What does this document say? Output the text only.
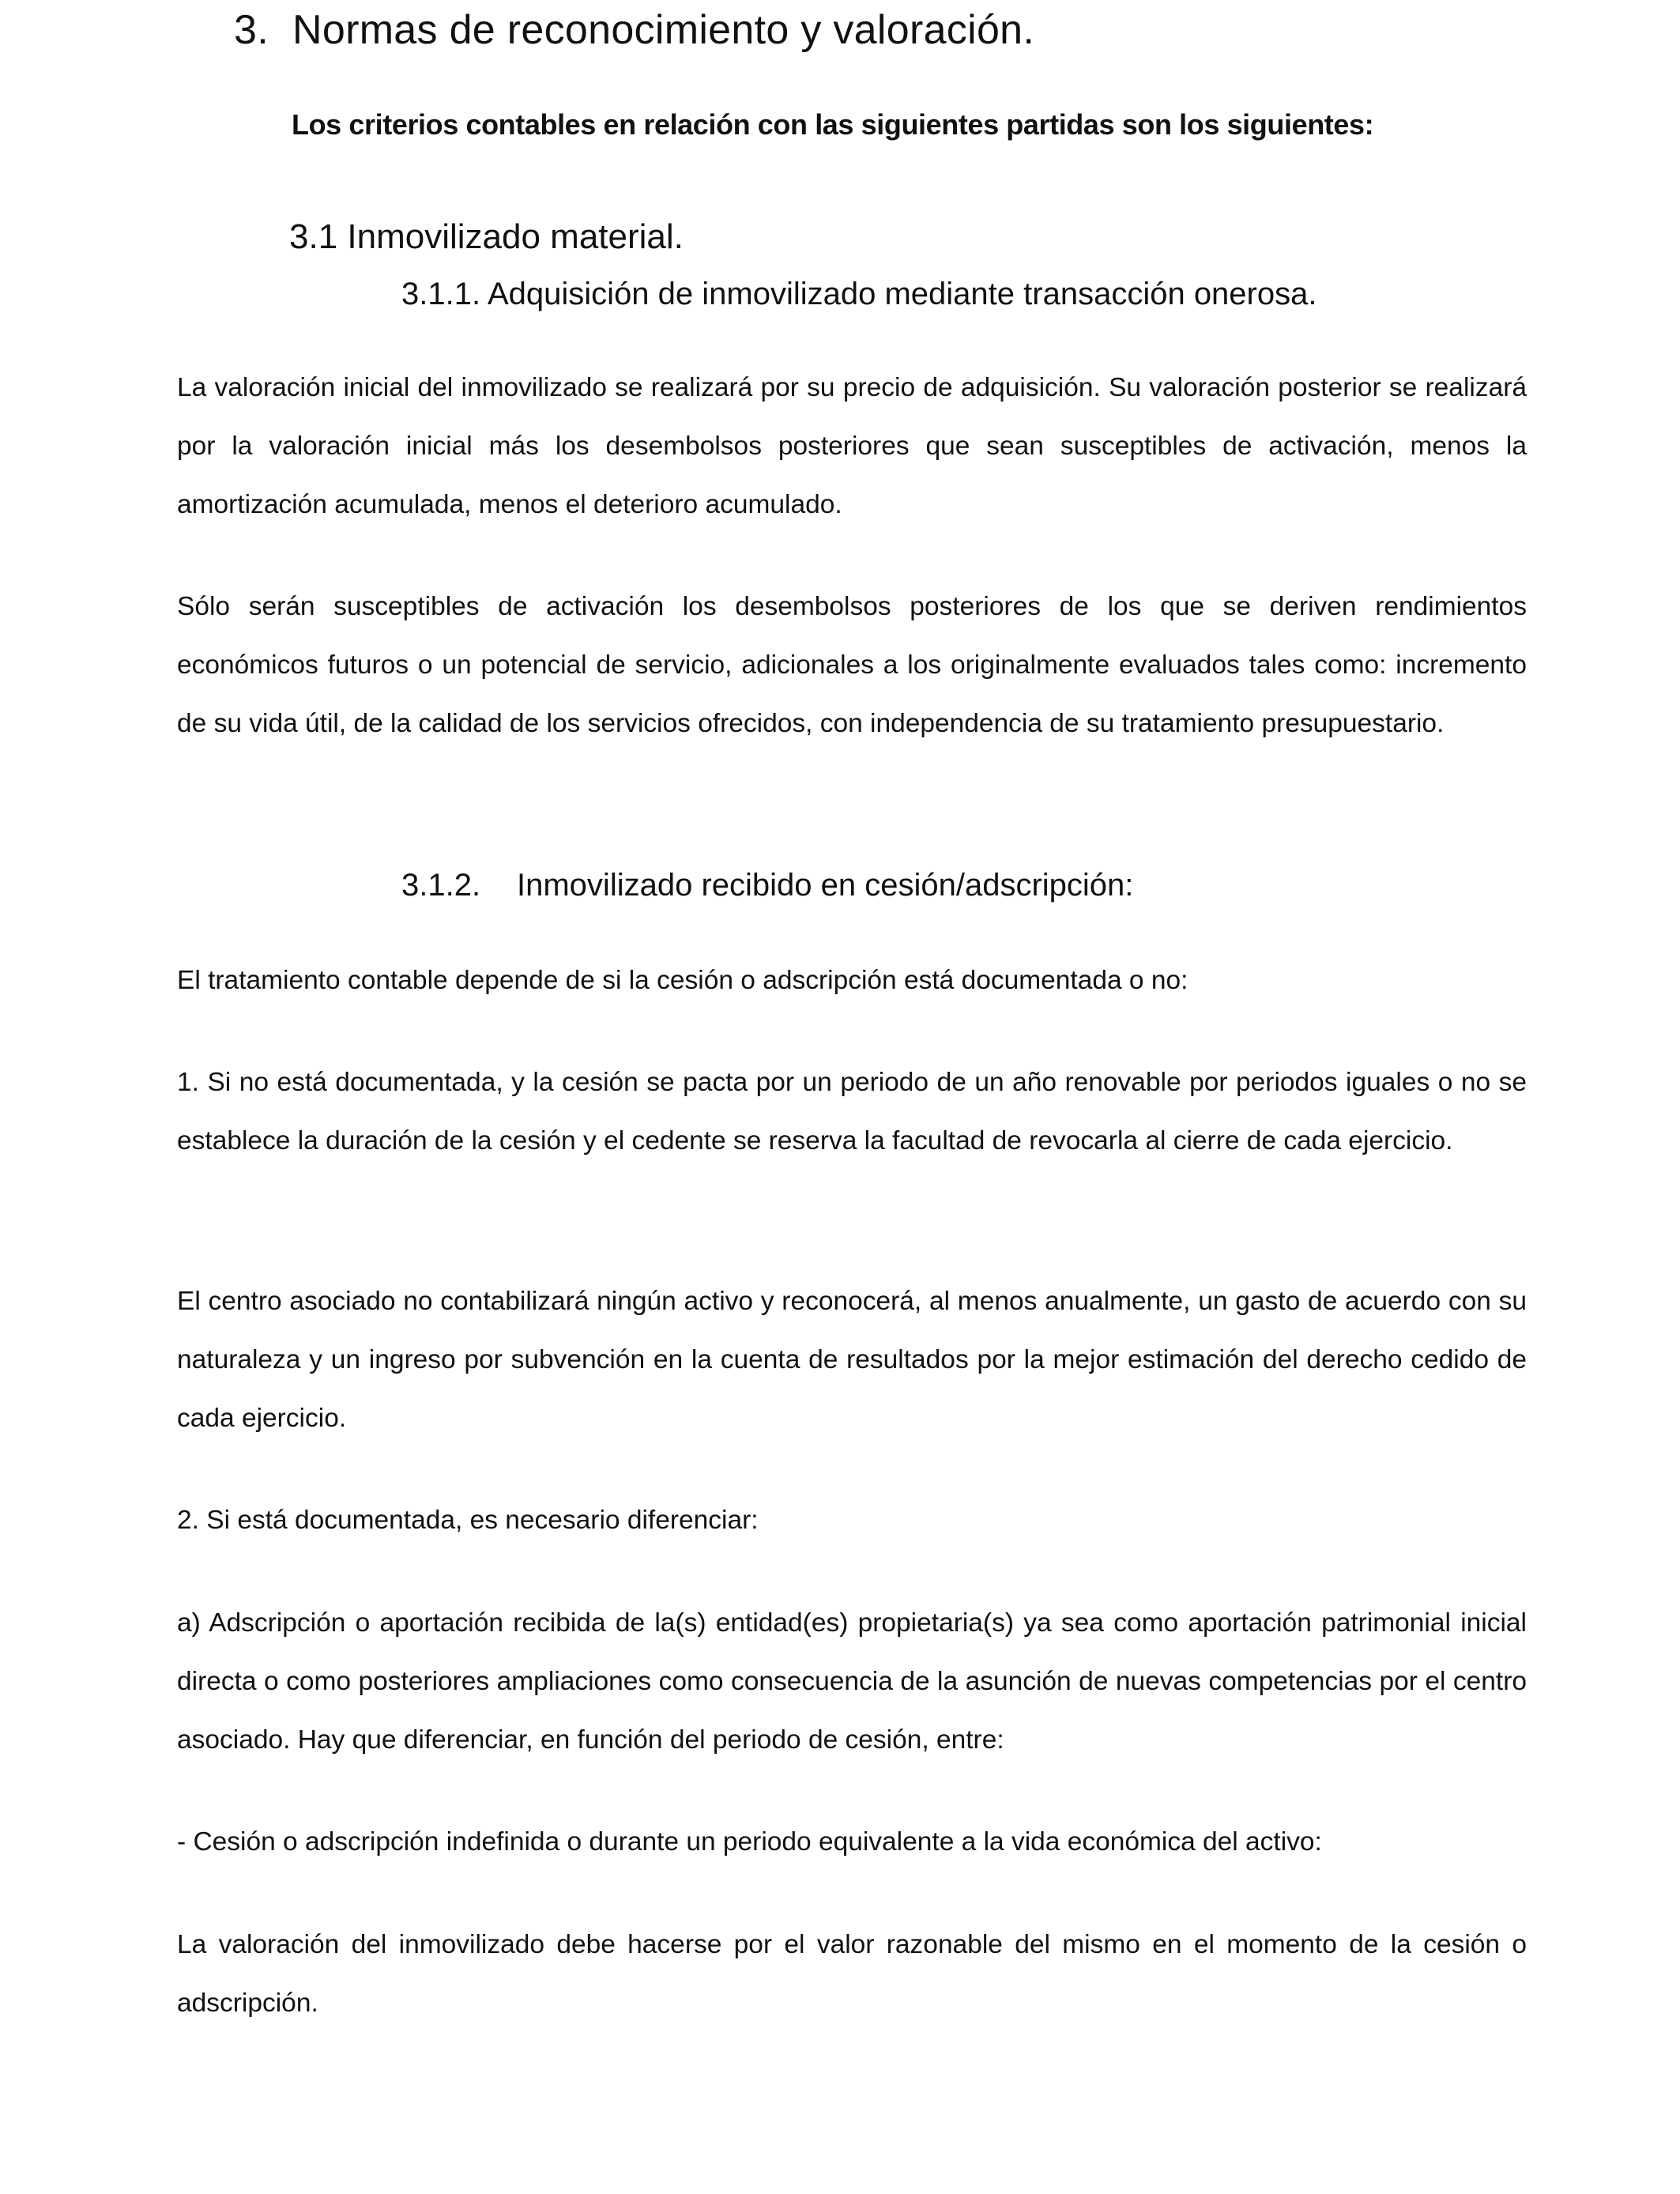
3. Normas de reconocimiento y valoración.

Los criterios contables en relación con las siguientes partidas son los siguientes:

3.1 Inmovilizado material.
3.1.1. Adquisición de inmovilizado mediante transacción onerosa.

La valoración inicial del inmovilizado se realizará por su precio de adquisición. Su valoración posterior se realizará por la valoración inicial más los desembolsos posteriores que sean susceptibles de activación, menos la amortización acumulada, menos el deterioro acumulado.

Sólo serán susceptibles de activación los desembolsos posteriores de los que se deriven rendimientos económicos futuros o un potencial de servicio, adicionales a los originalmente evaluados tales como: incremento de su vida útil, de la calidad de los servicios ofrecidos, con independencia de su tratamiento presupuestario.

3.1.2. Inmovilizado recibido en cesión/adscripción:

El tratamiento contable depende de si la cesión o adscripción está documentada o no:

1. Si no está documentada, y la cesión se pacta por un periodo de un año renovable por periodos iguales o no se establece la duración de la cesión y el cedente se reserva la facultad de revocarla al cierre de cada ejercicio.

El centro asociado no contabilizará ningún activo y reconocerá, al menos anualmente, un gasto de acuerdo con su naturaleza y un ingreso por subvención en la cuenta de resultados por la mejor estimación del derecho cedido de cada ejercicio.

2. Si está documentada, es necesario diferenciar:

a) Adscripción o aportación recibida de la(s) entidad(es) propietaria(s) ya sea como aportación patrimonial inicial directa o como posteriores ampliaciones como consecuencia de la asunción de nuevas competencias por el centro asociado. Hay que diferenciar, en función del periodo de cesión, entre:

- Cesión o adscripción indefinida o durante un periodo equivalente a la vida económica del activo:

La valoración del inmovilizado debe hacerse por el valor razonable del mismo en el momento de la cesión o adscripción.
